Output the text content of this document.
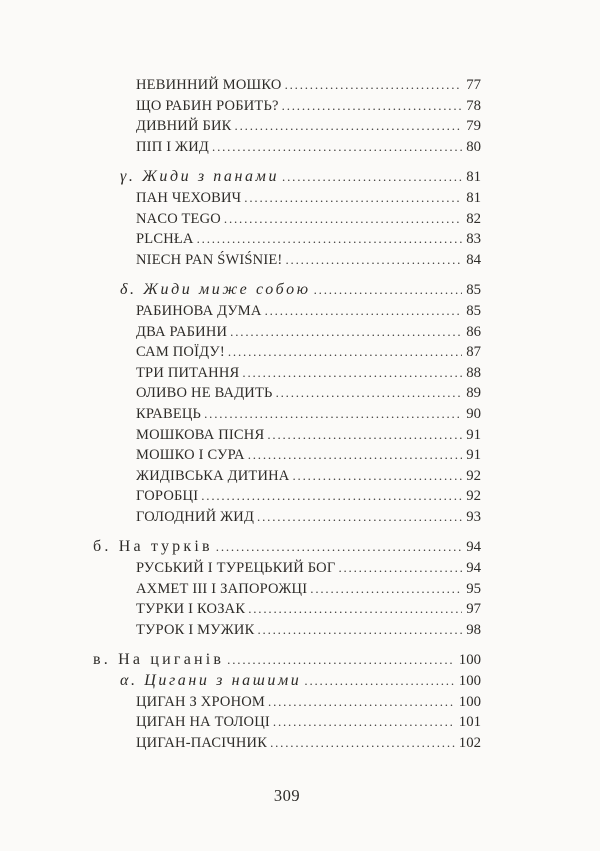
НЕВИННИЙ МОШКО .....	77
ЩО РАБИН РОБИТЬ? .....	78
ДИВНИЙ БИК .....	79
ПІП І ЖИД .....	80
γ. Жиди з панами .....	81
ПАН ЧЕХОВИЧ .....	81
NACO TEGO .....	82
PLCHŁA .....	83
NIECH PAN ŚWIŚNIE! .....	84
δ. Жиди миже собою .....	85
РАБИНОВА ДУМА .....	85
ДВА РАБИНИ .....	86
САМ ПОЇДУ! .....	87
ТРИ ПИТАННЯ .....	88
ОЛИВО НЕ ВАДИТЬ .....	89
КРАВЕЦЬ .....	90
МОШКОВА ПІСНЯ .....	91
МОШКО І СУРА .....	91
ЖИДІВСЬКА ДИТИНА .....	92
ГОРОБЦІ .....	92
ГОЛОДНИЙ ЖИД .....	93
б. На турків .....	94
РУСЬКИЙ І ТУРЕЦЬКИЙ БОГ .....	94
АХМЕТ ІІІ І ЗАПОРОЖЦІ .....	95
ТУРКИ І КОЗАК .....	97
ТУРОК І МУЖИК .....	98
в. На циганів .....	100
α. Цигани з нашими .....	100
ЦИГАН З ХРОНОМ .....	100
ЦИГАН НА ТОЛОЦІ .....	101
ЦИГАН-ПАСІЧНИК .....	102
309
